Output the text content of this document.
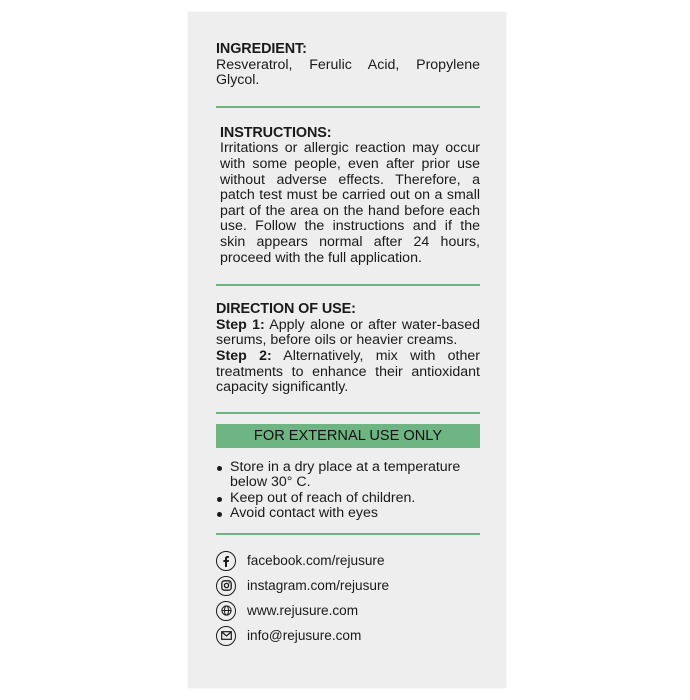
INGREDIENT:

Resveratrol, Ferulic Acid, Propylene Glycol.

INSTRUCTIONS:

Irritations or allergic reaction may occur with some people, even after prior use without adverse effects. Therefore, a patch test must be carried out on a small part of the area on the hand before each use. Follow the instructions and if the skin appears normal after 24 hours, proceed with the full application.

DIRECTION OF USE:

Step 1: Apply alone or after water-based serums, before oils or heavier creams.

Step 2: Alternatively, mix with other treatments to enhance their antioxidant capacity significantly.

FOR EXTERNAL USE ONLY
Store in a dry place at a temperature below 30° C.
Keep out of reach of children.
Avoid contact with eyes
facebook.com/rejusure
instagram.com/rejusure
www.rejusure.com
info@rejusure.com
